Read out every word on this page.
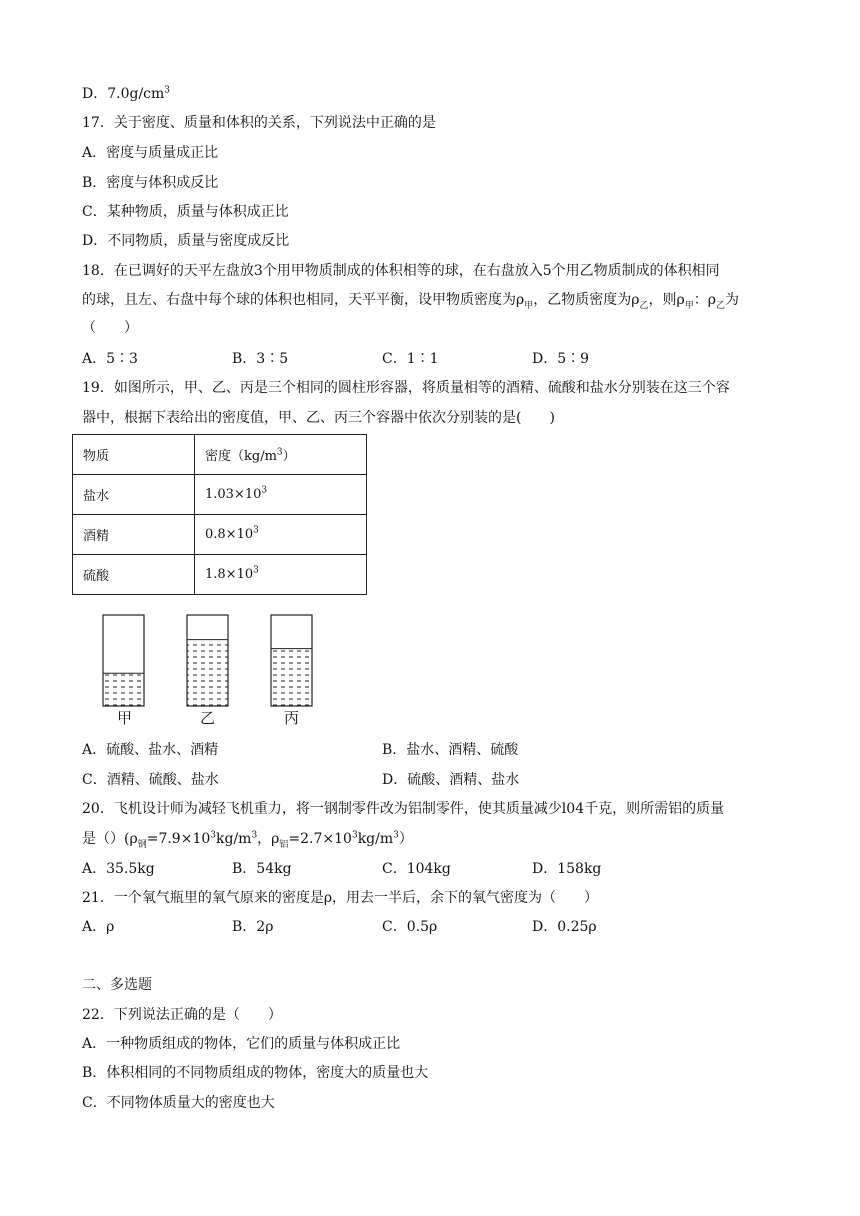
D．$7.0g/cm^3$
17．关于密度、质量和体积的关系，下列说法中正确的是
A．密度与质量成正比
B．密度与体积成反比
C．某种物质，质量与体积成正比
D．不同物质，质量与密度成反比
18．在已调好的天平左盘放3个用甲物质制成的体积相等的球，在右盘放入5个用乙物质制成的体积相同
的球，且左、右盘中每个球的体积也相同，天平平衡，设甲物质密度为$\rho_甲$，乙物质密度为$\rho_乙$，则$\rho_甲$：$\rho_乙$为
（　　）
A．5∶3	B．3∶5	C．1∶1	D．5∶9
19．如图所示，甲、乙、丙是三个相同的圆柱形容器，将质量相等的酒精、硫酸和盐水分别装在这三个容
器中，根据下表给出的密度值，甲、乙、丙三个容器中依次分别装的是(　　)
物质	密度$(kg/m^3)$
盐水	$1.03\times 10^3$
酒精	$0.8\times 10^3$
硫酸	$1.8\times 10^3$
甲	乙	丙
A．硫酸、盐水、酒精	B．盐水、酒精、硫酸
C．酒精、硫酸、盐水	D．硫酸、酒精、盐水
20．飞机设计师为减轻飞机重力，将一钢制零件改为铝制零件，使其质量减少l04千克，则所需铝的质量
是$()(\rho_钢=7.9\times 10^3kg/m^3$，$\rho_铝=2.7\times 10^3kg/m^3$）
A．35.5kg	B．54kg	C．104kg	D．158kg
21．一个氧气瓶里的氧气原来的密度是ρ，用去一半后，余下的氧气密度为（　　）
A．ρ	B．2ρ	C．0.5ρ	D．0.25ρ
二、多选题
22．下列说法正确的是（　　）
A．一种物质组成的物体，它们的质量与体积成正比
B．体积相同的不同物质组成的物体，密度大的质量也大
C．不同物体质量大的密度也大
